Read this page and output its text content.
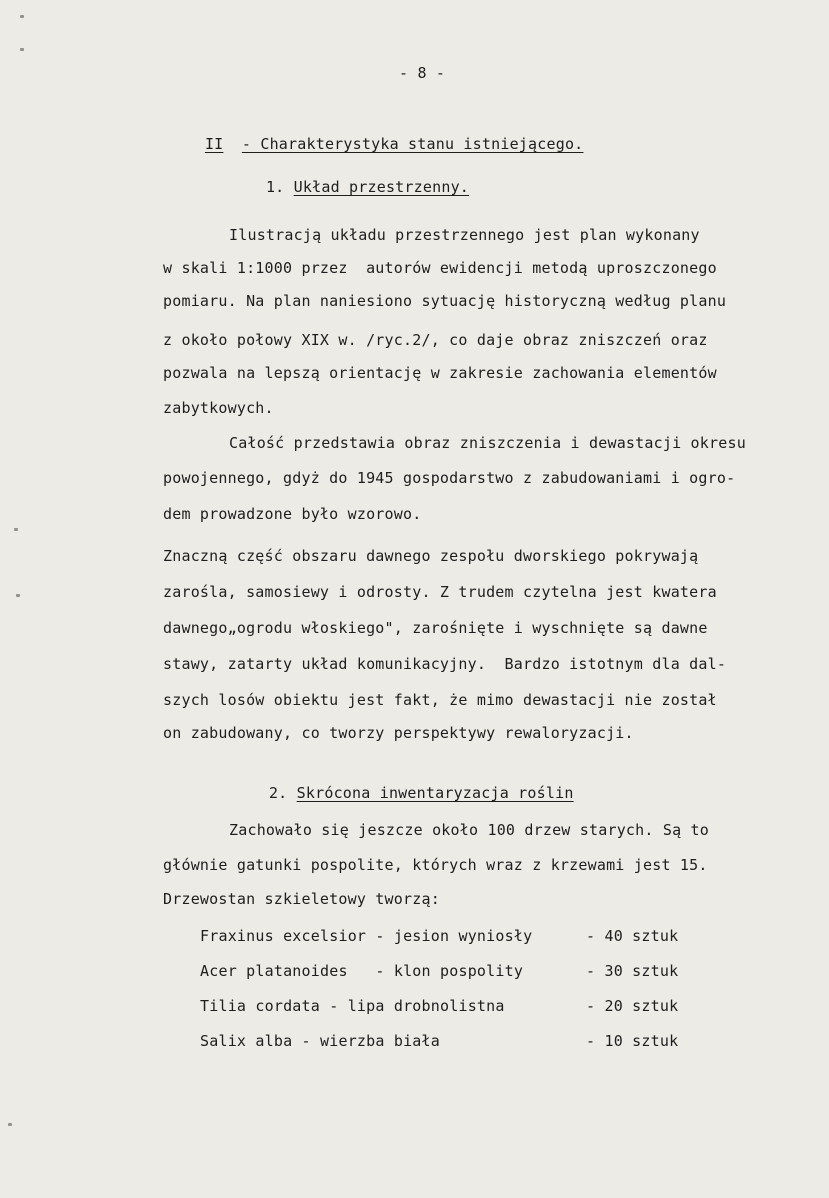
- 8 -

II - Charakterystyka stanu istniejącego.

1. Układ przestrzenny.

Ilustracją układu przestrzennego jest plan wykonany
w skali 1:1000 przez  autorów ewidencji metodą uproszczonego
pomiaru. Na plan naniesiono sytuację historyczną według planu
z około połowy XIX w. /ryc.2/, co daje obraz zniszczeń oraz
pozwala na lepszą orientację w zakresie zachowania elementów
zabytkowych.
Całość przedstawia obraz zniszczenia i dewastacji okresu
powojennego, gdyż do 1945 gospodarstwo z zabudowaniami i ogro-
dem prowadzone było wzorowo.
Znaczną część obszaru dawnego zespołu dworskiego pokrywają
zarośla, samosiewy i odrosty. Z trudem czytelna jest kwatera
dawnego„ogrodu włoskiego", zarośnięte i wyschnięte są dawne
stawy, zatarty układ komunikacyjny.  Bardzo istotnym dla dal-
szych losów obiektu jest fakt, że mimo dewastacji nie został
on zabudowany, co tworzy perspektywy rewaloryzacji.

2. Skrócona inwentaryzacja roślin

Zachowało się jeszcze około 100 drzew starych. Są to
głównie gatunki pospolite, których wraz z krzewami jest 15.
Drzewostan szkieletowy tworzą:
Fraxinus excelsior - jesion wyniosły	- 40 sztuk
Acer platanoides   - klon pospolity	- 30 sztuk
Tilia cordata - lipa drobnolistna	- 20 sztuk
Salix alba - wierzba biała	- 10 sztuk
